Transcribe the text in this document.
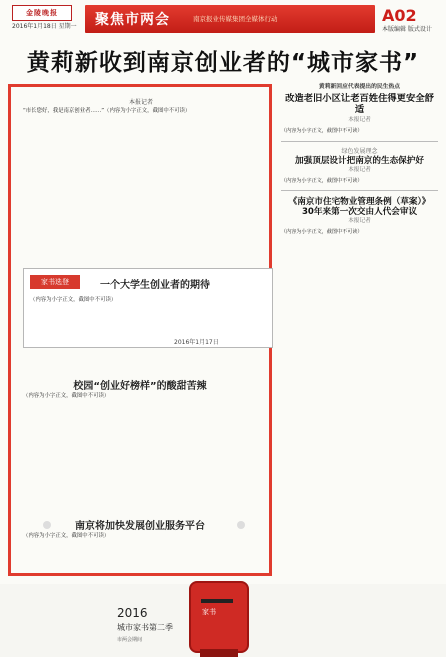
金陵晚报
2016年1月18日 星期一 聚焦市两会	南京报业传媒集团全媒体行动	A02
本版编辑 版式设计
黄莉新收到南京创业者的“城市家书”
本报记者

“市长您好，我是南京创业者……”（内容为小字正文，截图中不可读）

家书选登	一个大学生创业者的期待
（内容为小字正文，截图中不可读）
2016年1月17日
校园“创业好榜样”的酸甜苦辣
（内容为小字正文，截图中不可读）
南京将加快发展创业服务平台
（内容为小字正文，截图中不可读）
2016
城市家书第二季
市两会期间
家书
黄莉新回应代表提出的民生热点
改造老旧小区让老百姓住得更安全舒适
本报记者
（内容为小字正文，截图中不可读）
绿色发展理念
加强顶层设计把南京的生态保护好
本报记者
（内容为小字正文，截图中不可读）
《南京市住宅物业管理条例（草案）》
30年来第一次交由人代会审议
本报记者
（内容为小字正文，截图中不可读）
